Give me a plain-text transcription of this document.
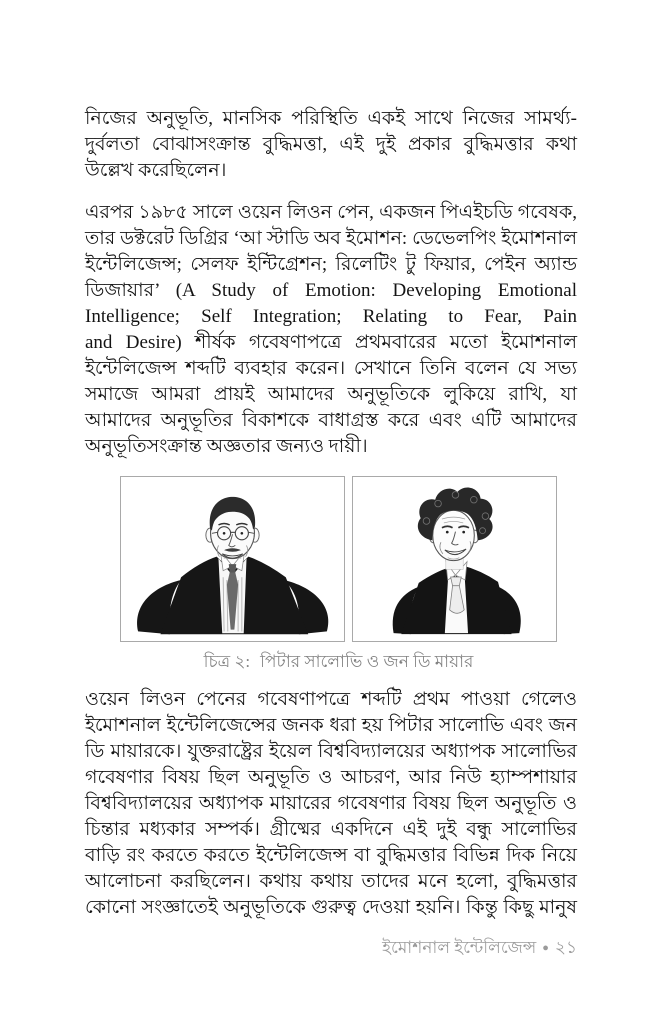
নিজের অনুভূতি, মানসিক পরিস্থিতি একই সাথে নিজের সামর্থ্য-
দুর্বলতা বোঝাসংক্রান্ত বুদ্ধিমত্তা, এই দুই প্রকার বুদ্ধিমত্তার কথা
উল্লেখ করেছিলেন।
এরপর ১৯৮৫ সালে ওয়েন লিওন পেন, একজন পিএইচডি গবেষক,
তার ডক্টরেট ডিগ্রির ‘আ স্টাডি অব ইমোশন: ডেভেলপিং ইমোশনাল
ইন্টেলিজেন্স; সেলফ ইন্টিগ্রেশন; রিলেটিং টু ফিয়ার, পেইন অ্যান্ড
ডিজায়ার’ (A Study of Emotion: Developing Emotional
Intelligence; Self Integration; Relating to Fear, Pain
and Desire) শীর্ষক গবেষণাপত্রে প্রথমবারের মতো ইমোশনাল
ইন্টেলিজেন্স শব্দটি ব্যবহার করেন। সেখানে তিনি বলেন যে সভ্য
সমাজে আমরা প্রায়ই আমাদের অনুভূতিকে লুকিয়ে রাখি, যা
আমাদের অনুভূতির বিকাশকে বাধাগ্রস্ত করে এবং এটি আমাদের
অনুভূতিসংক্রান্ত অজ্ঞতার জন্যও দায়ী।
চিত্র ২: পিটার সালোভি ও জন ডি মায়ার
ওয়েন লিওন পেনের গবেষণাপত্রে শব্দটি প্রথম পাওয়া গেলেও
ইমোশনাল ইন্টেলিজেন্সের জনক ধরা হয় পিটার সালোভি এবং জন
ডি মায়ারকে। যুক্তরাষ্ট্রের ইয়েল বিশ্ববিদ্যালয়ের অধ্যাপক সালোভির
গবেষণার বিষয় ছিল অনুভূতি ও আচরণ, আর নিউ হ্যাম্পশায়ার
বিশ্ববিদ্যালয়ের অধ্যাপক মায়ারের গবেষণার বিষয় ছিল অনুভূতি ও
চিন্তার মধ্যকার সম্পর্ক। গ্রীষ্মের একদিনে এই দুই বন্ধু সালোভির
বাড়ি রং করতে করতে ইন্টেলিজেন্স বা বুদ্ধিমত্তার বিভিন্ন দিক নিয়ে
আলোচনা করছিলেন। কথায় কথায় তাদের মনে হলো, বুদ্ধিমত্তার
কোনো সংজ্ঞাতেই অনুভূতিকে গুরুত্ব দেওয়া হয়নি। কিন্তু কিছু মানুষ
ইমোশনাল ইন্টেলিজেন্স ● ২১
